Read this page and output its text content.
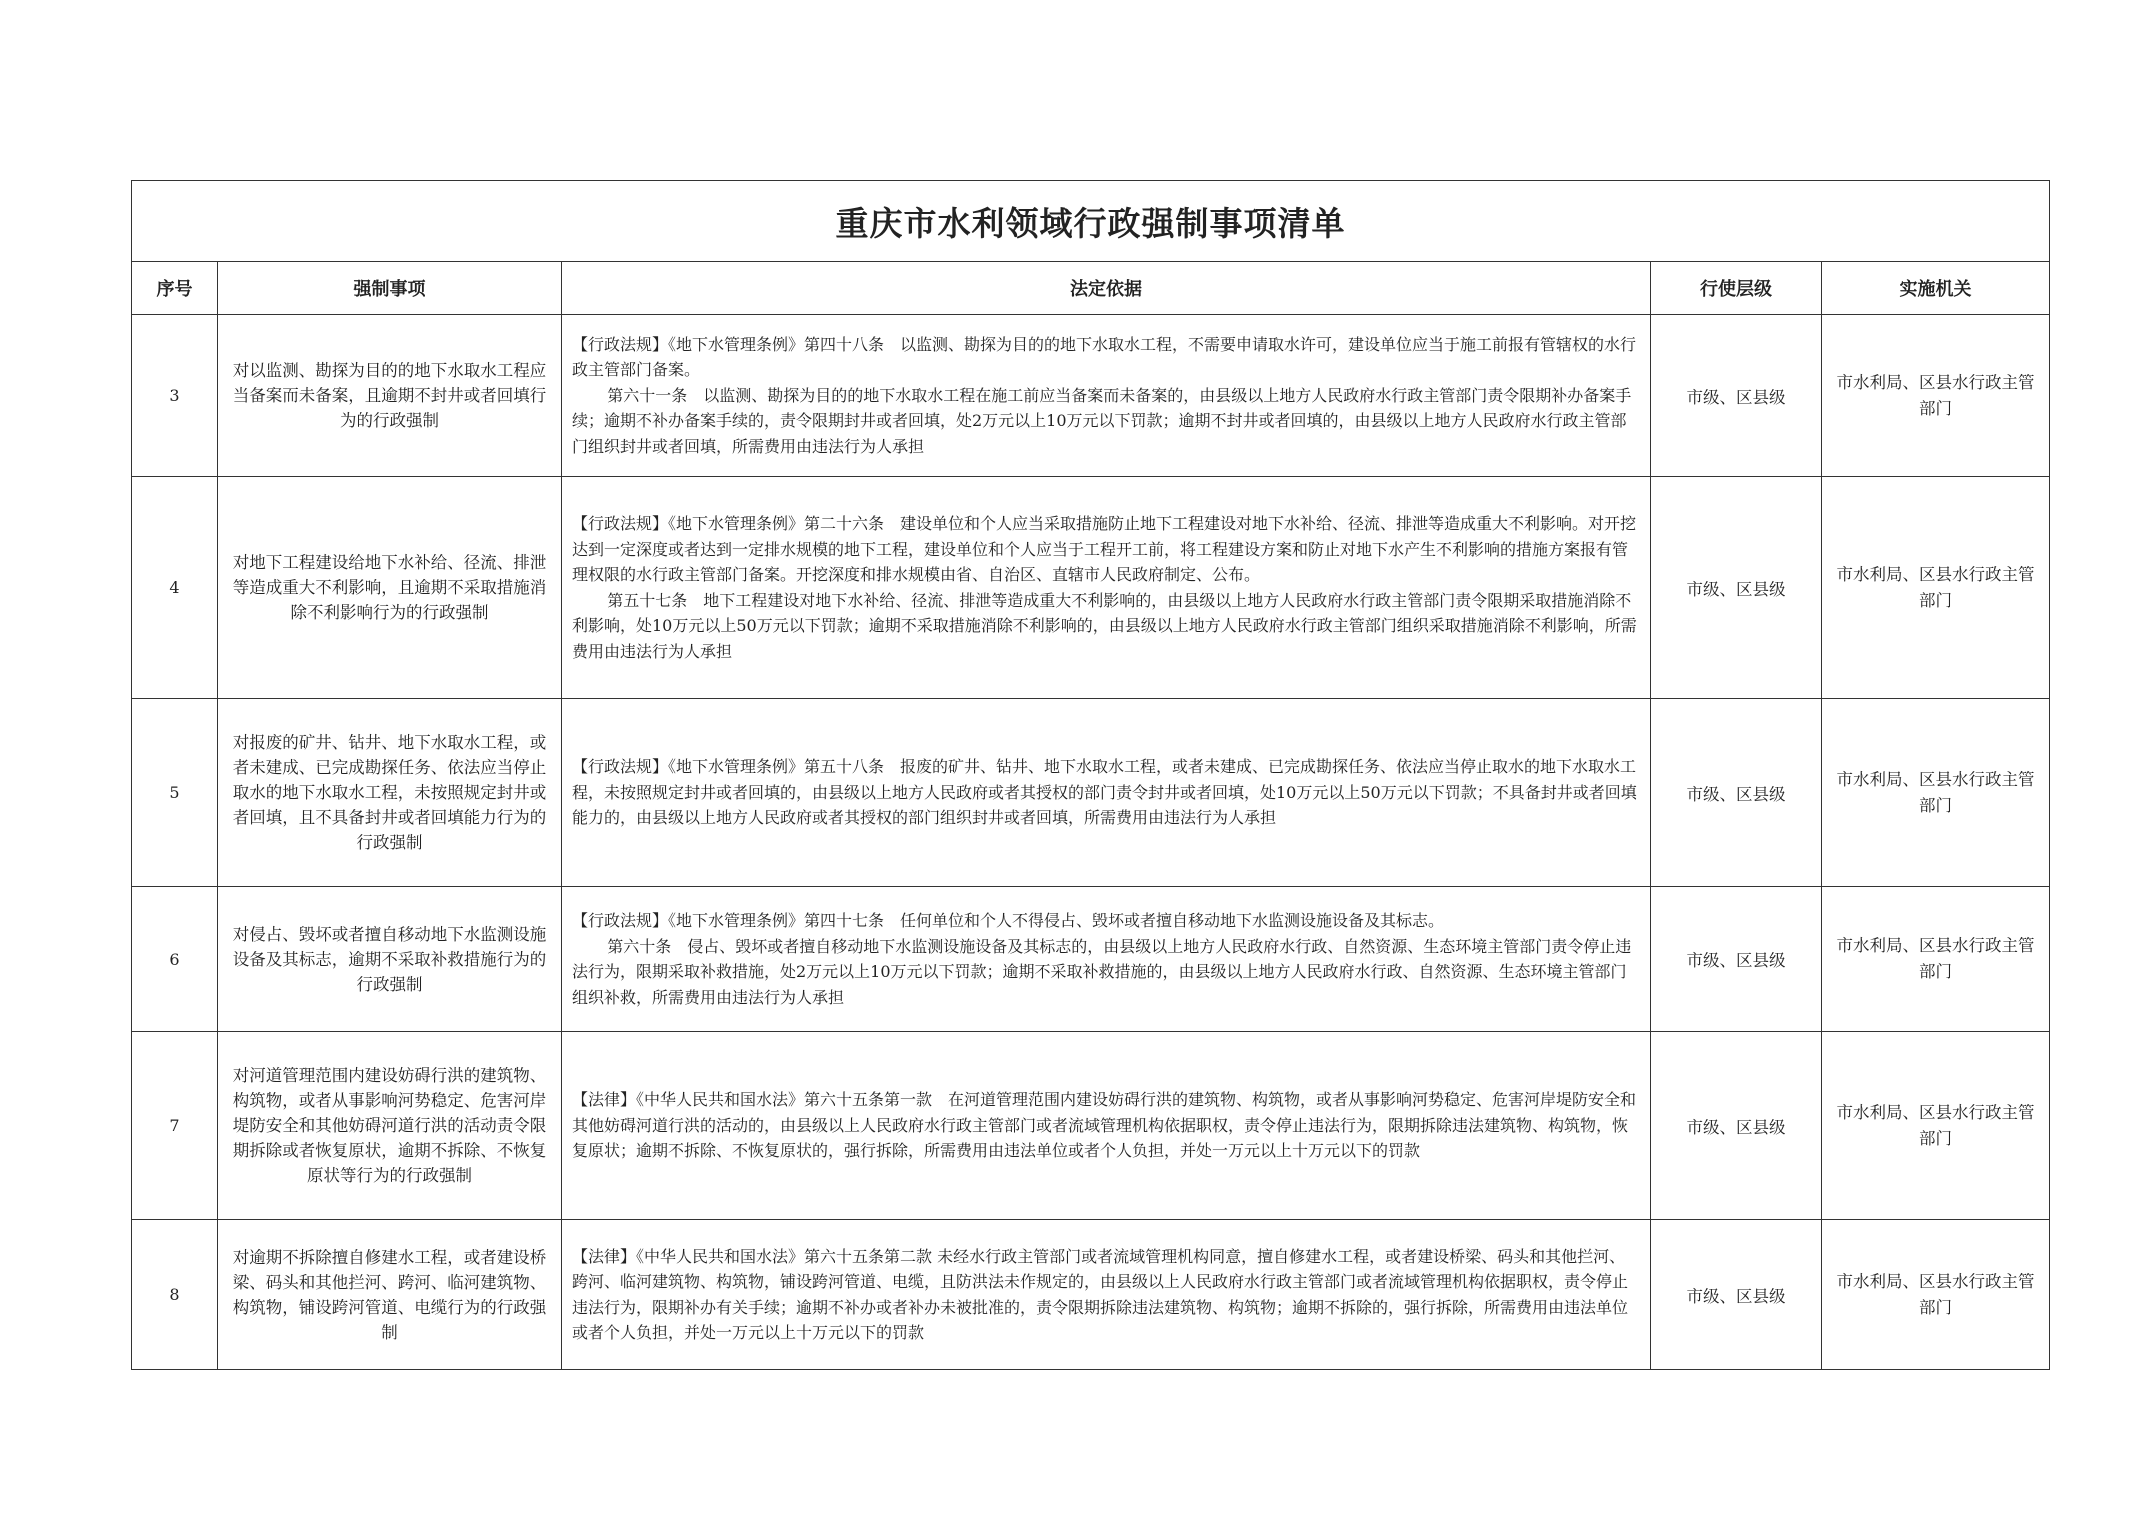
重庆市水利领域行政强制事项清单				
序号	强制事项	法定依据	行使层级	实施机关
3	对以监测、勘探为目的的地下水取水工程应当备案而未备案，且逾期不封井或者回填行为的行政强制	【行政法规】《地下水管理条例》第四十八条　以监测、勘探为目的的地下水取水工程，不需要申请取水许可，建设单位应当于施工前报有管辖权的水行政主管部门备案。
第六十一条　以监测、勘探为目的的地下水取水工程在施工前应当备案而未备案的，由县级以上地方人民政府水行政主管部门责令限期补办备案手续；逾期不补办备案手续的，责令限期封井或者回填，处2万元以上10万元以下罚款；逾期不封井或者回填的，由县级以上地方人民政府水行政主管部门组织封井或者回填，所需费用由违法行为人承担	市级、区县级	市水利局、区县水行政主管部门
4	对地下工程建设给地下水补给、径流、排泄等造成重大不利影响，且逾期不采取措施消除不利影响行为的行政强制	【行政法规】《地下水管理条例》第二十六条　建设单位和个人应当采取措施防止地下工程建设对地下水补给、径流、排泄等造成重大不利影响。对开挖达到一定深度或者达到一定排水规模的地下工程，建设单位和个人应当于工程开工前，将工程建设方案和防止对地下水产生不利影响的措施方案报有管理权限的水行政主管部门备案。开挖深度和排水规模由省、自治区、直辖市人民政府制定、公布。
第五十七条　地下工程建设对地下水补给、径流、排泄等造成重大不利影响的，由县级以上地方人民政府水行政主管部门责令限期采取措施消除不利影响，处10万元以上50万元以下罚款；逾期不采取措施消除不利影响的，由县级以上地方人民政府水行政主管部门组织采取措施消除不利影响，所需费用由违法行为人承担	市级、区县级	市水利局、区县水行政主管部门
5	对报废的矿井、钻井、地下水取水工程，或者未建成、已完成勘探任务、依法应当停止取水的地下水取水工程，未按照规定封井或者回填，且不具备封井或者回填能力行为的行政强制	【行政法规】《地下水管理条例》第五十八条　报废的矿井、钻井、地下水取水工程，或者未建成、已完成勘探任务、依法应当停止取水的地下水取水工程，未按照规定封井或者回填的，由县级以上地方人民政府或者其授权的部门责令封井或者回填，处10万元以上50万元以下罚款；不具备封井或者回填能力的，由县级以上地方人民政府或者其授权的部门组织封井或者回填，所需费用由违法行为人承担	市级、区县级	市水利局、区县水行政主管部门
6	对侵占、毁坏或者擅自移动地下水监测设施设备及其标志，逾期不采取补救措施行为的行政强制	【行政法规】《地下水管理条例》第四十七条　任何单位和个人不得侵占、毁坏或者擅自移动地下水监测设施设备及其标志。
第六十条　侵占、毁坏或者擅自移动地下水监测设施设备及其标志的，由县级以上地方人民政府水行政、自然资源、生态环境主管部门责令停止违法行为，限期采取补救措施，处2万元以上10万元以下罚款；逾期不采取补救措施的，由县级以上地方人民政府水行政、自然资源、生态环境主管部门组织补救，所需费用由违法行为人承担	市级、区县级	市水利局、区县水行政主管部门
7	对河道管理范围内建设妨碍行洪的建筑物、构筑物，或者从事影响河势稳定、危害河岸堤防安全和其他妨碍河道行洪的活动责令限期拆除或者恢复原状，逾期不拆除、不恢复原状等行为的行政强制	【法律】《中华人民共和国水法》第六十五条第一款　在河道管理范围内建设妨碍行洪的建筑物、构筑物，或者从事影响河势稳定、危害河岸堤防安全和其他妨碍河道行洪的活动的，由县级以上人民政府水行政主管部门或者流域管理机构依据职权，责令停止违法行为，限期拆除违法建筑物、构筑物，恢复原状；逾期不拆除、不恢复原状的，强行拆除，所需费用由违法单位或者个人负担，并处一万元以上十万元以下的罚款	市级、区县级	市水利局、区县水行政主管部门
8	对逾期不拆除擅自修建水工程，或者建设桥梁、码头和其他拦河、跨河、临河建筑物、构筑物，铺设跨河管道、电缆行为的行政强制	【法律】《中华人民共和国水法》第六十五条第二款 未经水行政主管部门或者流域管理机构同意，擅自修建水工程，或者建设桥梁、码头和其他拦河、跨河、临河建筑物、构筑物，铺设跨河管道、电缆，且防洪法未作规定的，由县级以上人民政府水行政主管部门或者流域管理机构依据职权，责令停止违法行为，限期补办有关手续；逾期不补办或者补办未被批准的，责令限期拆除违法建筑物、构筑物；逾期不拆除的，强行拆除，所需费用由违法单位或者个人负担，并处一万元以上十万元以下的罚款	市级、区县级	市水利局、区县水行政主管部门
